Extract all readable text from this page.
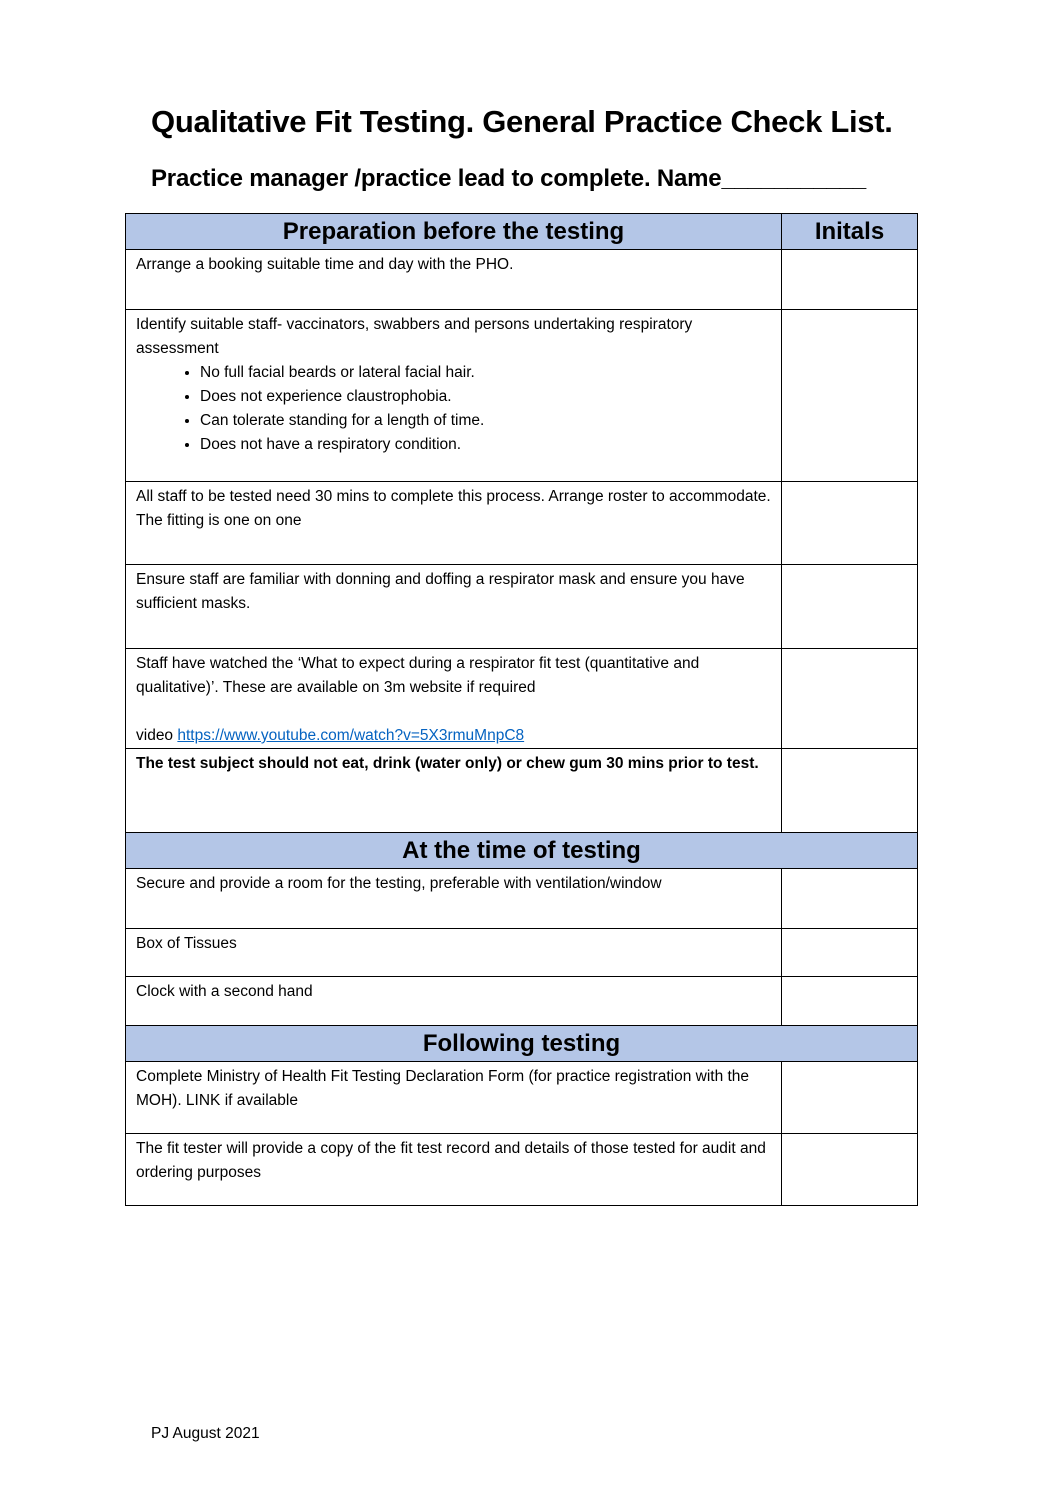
Qualitative Fit Testing. General Practice Check List.
Practice manager /practice lead to complete. Name___________
Preparation before the testing	Initals
Arrange a booking suitable time and day with the PHO.	

Identify suitable staff- vaccinators, swabbers and persons undertaking respiratory assessment

• No full facial beards or lateral facial hair.
• Does not experience claustrophobia.
• Can tolerate standing for a length of time.
• Does not have a respiratory condition.

All staff to be tested need 30 mins to complete this process. Arrange roster to accommodate. The fitting is one on one	
Ensure staff are familiar with donning and doffing a respirator mask and ensure you have sufficient masks.	

Staff have watched the ‘What to expect during a respirator fit test (quantitative and qualitative)’. These are available on 3m website if required

video https://www.youtube.com/watch?v=5X3rmuMnpC8	

The test subject should not eat, drink (water only) or chew gum 30 mins prior to test.	
At the time of testing	
Secure and provide a room for the testing, preferable with ventilation/window	
Box of Tissues	
Clock with a second hand	
Following testing	
Complete Ministry of Health Fit Testing Declaration Form (for practice registration with the MOH). LINK if available	
The fit tester will provide a copy of the fit test record and details of those tested for audit and ordering purposes	
PJ August 2021
